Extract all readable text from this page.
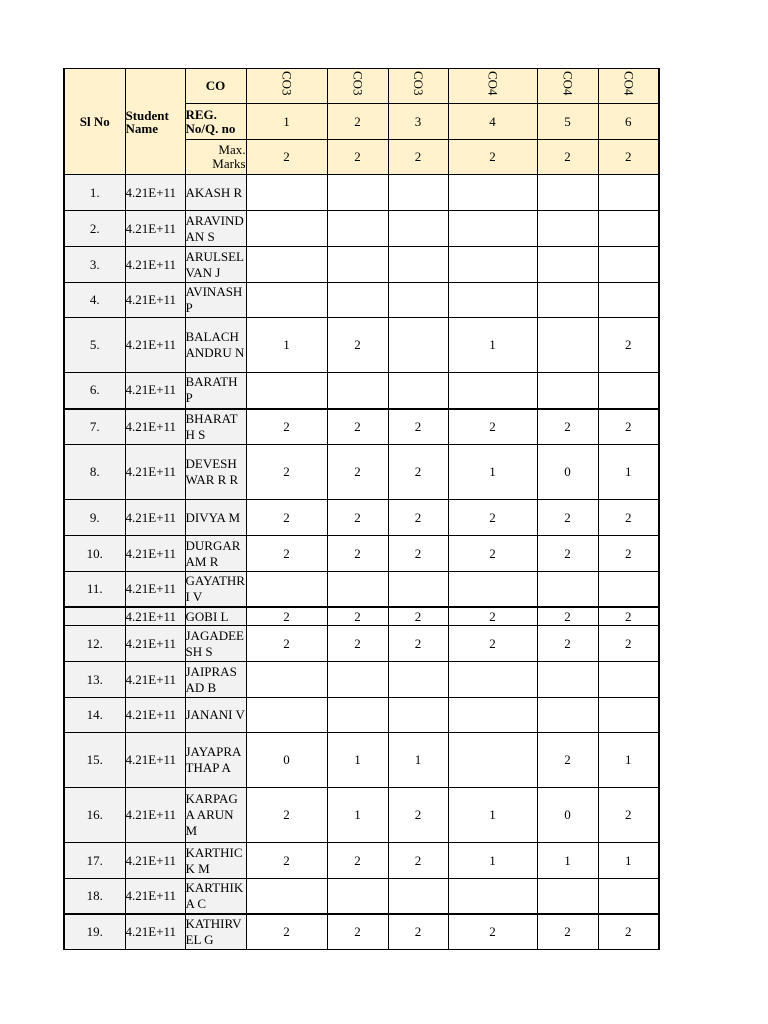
Sl No	Student Name	CO	CO3	CO3	CO3	CO4	CO4	CO4
		REG. No/Q. no	1	2	3	4	5	6
		Max. Marks	2	2	2	2	2	2
1.	4.21E+11	AKASH R						
2.	4.21E+11	ARAVINDAN S						
3.	4.21E+11	ARULSELVAN J						
4.	4.21E+11	AVINASH P						
5.	4.21E+11	BALACHANDRU N	1	2		1		2
6.	4.21E+11	BARATH P						
7.	4.21E+11	BHARATH S	2	2	2	2	2	2
8.	4.21E+11	DEVESHWAR R R	2	2	2	1	0	1
9.	4.21E+11	DIVYA M	2	2	2	2	2	2
10.	4.21E+11	DURGARAM R	2	2	2	2	2	2
11.	4.21E+11	GAYATHRI V						
	4.21E+11	GOBI L	2	2	2	2	2	2
12.	4.21E+11	JAGADEESH S	2	2	2	2	2	2
13.	4.21E+11	JAIPRASAD B						
14.	4.21E+11	JANANI V						
15.	4.21E+11	JAYAPRATHAP A	0	1	1		2	1
16.	4.21E+11	KARPAGA ARUN M	2	1	2	1	0	2
17.	4.21E+11	KARTHICK M	2	2	2	1	1	1
18.	4.21E+11	KARTHIKA C						
19.	4.21E+11	KATHIRVEL G	2	2	2	2	2	2
